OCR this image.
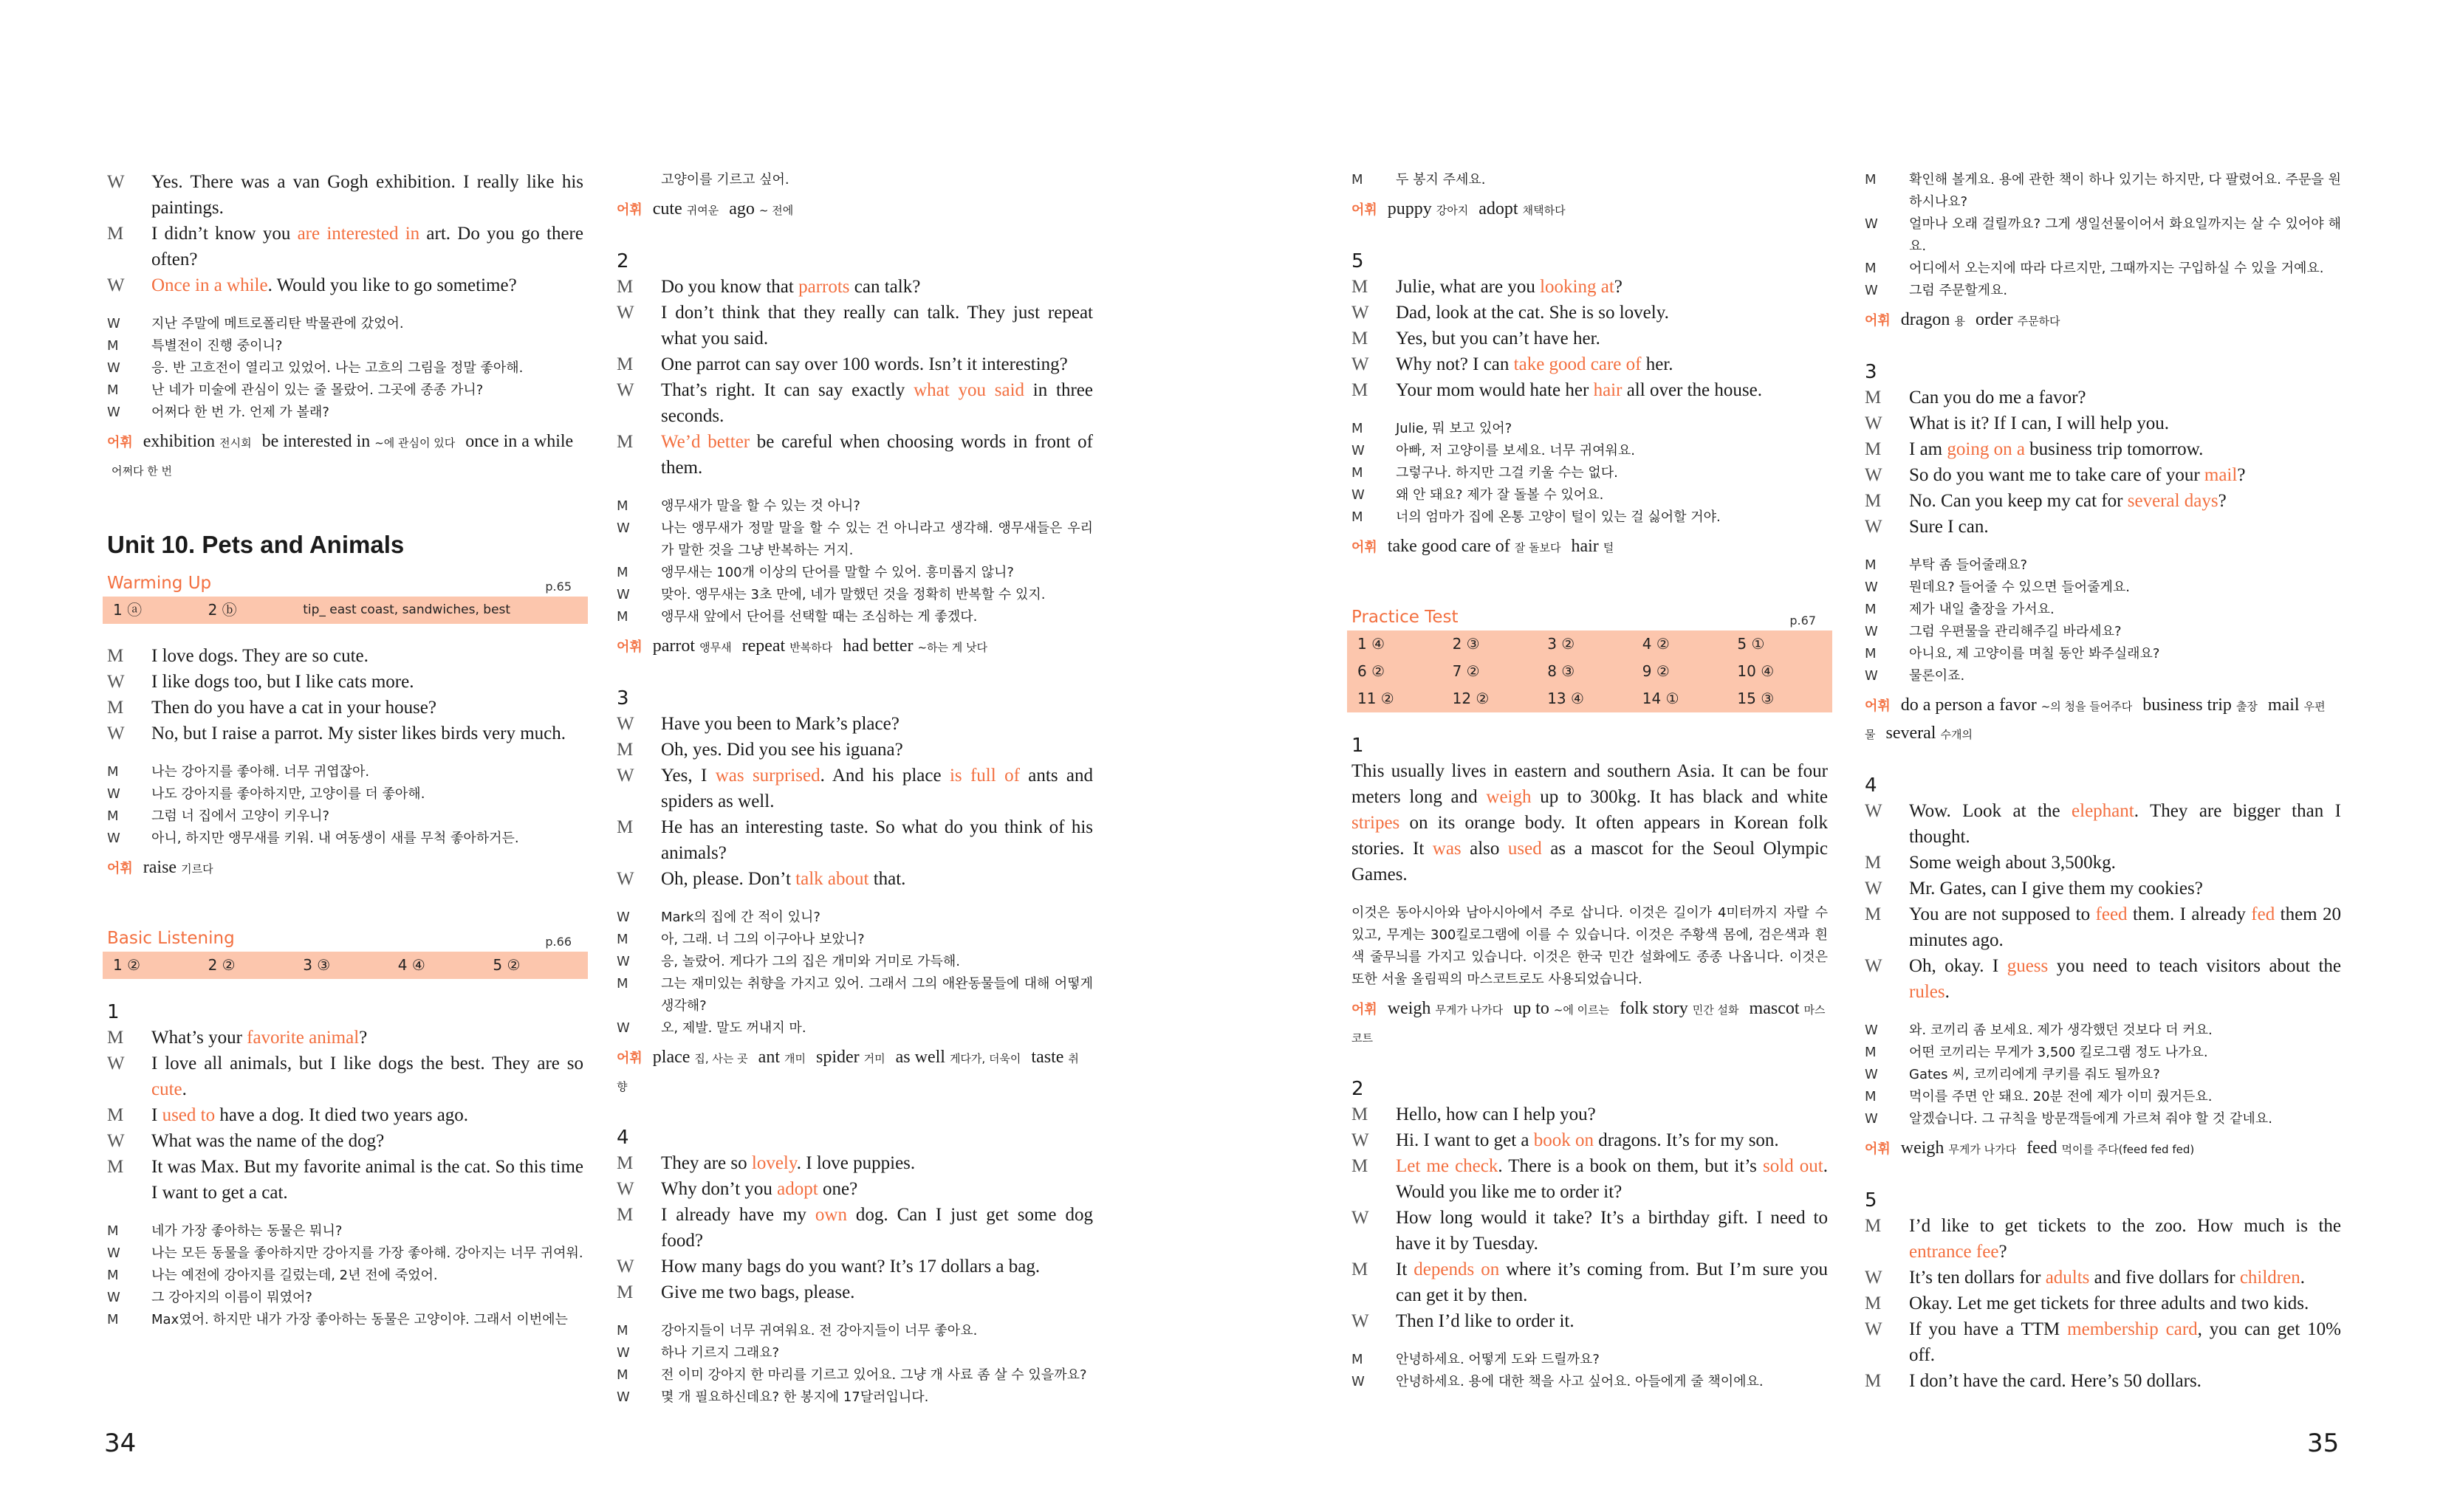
W	Yes. There was a van Gogh exhibition. I really like his paintings.
M	I didn’t know you are interested in art. Do you go there often?
W	Once in a while. Would you like to go sometime?
W	지난 주말에 메트로폴리탄 박물관에 갔었어.
M	특별전이 진행 중이니?
W	응. 반 고흐전이 열리고 있었어. 나는 고흐의 그림을 정말 좋아해.
M	난 네가 미술에 관심이 있는 줄 몰랐어. 그곳에 종종 가니?
W	어쩌다 한 번 가. 언제 가 볼래?
어휘 exhibition 전시회 be interested in ~에 관심이 있다 once in a while어쩌다 한 번
Unit 10. Pets and Animals
Warming Up	p.65
1 ⓐ	2 ⓑ	tip_ east coast, sandwiches, best
M	I love dogs. They are so cute.
W	I like dogs too, but I like cats more.
M	Then do you have a cat in your house?
W	No, but I raise a parrot. My sister likes birds very much.
M	나는 강아지를 좋아해. 너무 귀엽잖아.
W	나도 강아지를 좋아하지만, 고양이를 더 좋아해.
M	그럼 너 집에서 고양이 키우니?
W	아니, 하지만 앵무새를 키워. 내 여동생이 새를 무척 좋아하거든.
어휘 raise 기르다
Basic Listening	p.66
1 ②	2 ②	3 ③	4 ④	5 ②
1
M	What’s your favorite animal?
W	I love all animals, but I like dogs the best. They are so cute.
M	I used to have a dog. It died two years ago.
W	What was the name of the dog?
M	It was Max. But my favorite animal is the cat. So this time I want to get a cat.
M	네가 가장 좋아하는 동물은 뭐니?
W	나는 모든 동물을 좋아하지만 강아지를 가장 좋아해. 강아지는 너무 귀여워.
M	나는 예전에 강아지를 길렀는데, 2년 전에 죽었어.
W	그 강아지의 이름이 뭐였어?
M	Max였어. 하지만 내가 가장 좋아하는 동물은 고양이야. 그래서 이번에는
고양이를 기르고 싶어.
어휘 cute 귀여운 ago ~ 전에
2
M	Do you know that parrots can talk?
W	I don’t think that they really can talk. They just repeat what you said.
M	One parrot can say over 100 words. Isn’t it interesting?
W	That’s right. It can say exactly what you said in three seconds.
M	We’d better be careful when choosing words in front of them.
M	앵무새가 말을 할 수 있는 것 아니?
W	나는 앵무새가 정말 말을 할 수 있는 건 아니라고 생각해. 앵무새들은 우리가 말한 것을 그냥 반복하는 거지.
M	앵무새는 100개 이상의 단어를 말할 수 있어. 흥미롭지 않니?
W	맞아. 앵무새는 3초 만에, 네가 말했던 것을 정확히 반복할 수 있지.
M	앵무새 앞에서 단어를 선택할 때는 조심하는 게 좋겠다.
어휘 parrot 앵무새 repeat 반복하다 had better ~하는 게 낫다
3
W	Have you been to Mark’s place?
M	Oh, yes. Did you see his iguana?
W	Yes, I was surprised. And his place is full of ants and spiders as well.
M	He has an interesting taste. So what do you think of his animals?
W	Oh, please. Don’t talk about that.
W	Mark의 집에 간 적이 있니?
M	아, 그래. 너 그의 이구아나 보았니?
W	응, 놀랐어. 게다가 그의 집은 개미와 거미로 가득해.
M	그는 재미있는 취향을 가지고 있어. 그래서 그의 애완동물들에 대해 어떻게 생각해?
W	오, 제발. 말도 꺼내지 마.
어휘 place 집, 사는 곳 ant 개미 spider 거미 as well 게다가, 더욱이 taste 취향
4
M	They are so lovely. I love puppies.
W	Why don’t you adopt one?
M	I already have my own dog. Can I just get some dog food?
W	How many bags do you want? It’s 17 dollars a bag.
M	Give me two bags, please.
M	강아지들이 너무 귀여워요. 전 강아지들이 너무 좋아요.
W	하나 기르지 그래요?
M	전 이미 강아지 한 마리를 기르고 있어요. 그냥 개 사료 좀 살 수 있을까요?
W	몇 개 필요하신데요? 한 봉지에 17달러입니다.
M	두 봉지 주세요.
어휘 puppy 강아지 adopt 채택하다
5
M	Julie, what are you looking at?
W	Dad, look at the cat. She is so lovely.
M	Yes, but you can’t have her.
W	Why not? I can take good care of her.
M	Your mom would hate her hair all over the house.
M	Julie, 뭐 보고 있어?
W	아빠, 저 고양이를 보세요. 너무 귀여워요.
M	그렇구나. 하지만 그걸 키울 수는 없다.
W	왜 안 돼요? 제가 잘 돌볼 수 있어요.
M	너의 엄마가 집에 온통 고양이 털이 있는 걸 싫어할 거야.
어휘 take good care of 잘 돌보다 hair 털
Practice Test	p.67
1 ④	2 ③	3 ②	4 ②	5 ①
6 ②	7 ②	8 ③	9 ②	10 ④
11 ②	12 ②	13 ④	14 ①	15 ③
1
This usually lives in eastern and southern Asia. It can be four meters long and weigh up to 300kg. It has black and white stripes on its orange body. It often appears in Korean folk stories. It was also used as a mascot for the Seoul Olympic Games.
이것은 동아시아와 남아시아에서 주로 삽니다. 이것은 길이가 4미터까지 자랄 수 있고, 무게는 300킬로그램에 이를 수 있습니다. 이것은 주황색 몸에, 검은색과 흰색 줄무늬를 가지고 있습니다. 이것은 한국 민간 설화에도 종종 나옵니다. 이것은 또한 서울 올림픽의 마스코트로도 사용되었습니다.
어휘 weigh 무게가 나가다 up to ~에 이르는 folk story 민간 설화 mascot 마스코트
2
M	Hello, how can I help you?
W	Hi. I want to get a book on dragons. It’s for my son.
M	Let me check. There is a book on them, but it’s sold out. Would you like me to order it?
W	How long would it take? It’s a birthday gift. I need to have it by Tuesday.
M	It depends on where it’s coming from. But I’m sure you can get it by then.
W	Then I’d like to order it.
M	안녕하세요. 어떻게 도와 드릴까요?
W	안녕하세요. 용에 대한 책을 사고 싶어요. 아들에게 줄 책이에요.
M	확인해 볼게요. 용에 관한 책이 하나 있기는 하지만, 다 팔렸어요. 주문을 원하시나요?
W	얼마나 오래 걸릴까요? 그게 생일선물이어서 화요일까지는 살 수 있어야 해요.
M	어디에서 오는지에 따라 다르지만, 그때까지는 구입하실 수 있을 거예요.
W	그럼 주문할게요.
어휘 dragon 용 order 주문하다
3
M	Can you do me a favor?
W	What is it? If I can, I will help you.
M	I am going on a business trip tomorrow.
W	So do you want me to take care of your mail?
M	No. Can you keep my cat for several days?
W	Sure I can.
M	부탁 좀 들어줄래요?
W	뭔데요? 들어줄 수 있으면 들어줄게요.
M	제가 내일 출장을 가서요.
W	그럼 우편물을 관리해주길 바라세요?
M	아니요, 제 고양이를 며칠 동안 봐주실래요?
W	물론이죠.
어휘 do a person a favor ~의 청을 들어주다 business trip 출장 mail 우편물 several 수개의
4
W	Wow. Look at the elephant. They are bigger than I thought.
M	Some weigh about 3,500kg.
W	Mr. Gates, can I give them my cookies?
M	You are not supposed to feed them. I already fed them 20 minutes ago.
W	Oh, okay. I guess you need to teach visitors about the rules.
W	와. 코끼리 좀 보세요. 제가 생각했던 것보다 더 커요.
M	어떤 코끼리는 무게가 3,500 킬로그램 정도 나가요.
W	Gates 씨, 코끼리에게 쿠키를 줘도 될까요?
M	먹이를 주면 안 돼요. 20분 전에 제가 이미 줬거든요.
W	알겠습니다. 그 규칙을 방문객들에게 가르쳐 줘야 할 것 같네요.
어휘 weigh 무게가 나가다 feed 먹이를 주다(feed fed fed)
5
M	I’d like to get tickets to the zoo. How much is the entrance fee?
W	It’s ten dollars for adults and five dollars for children.
M	Okay. Let me get tickets for three adults and two kids.
W	If you have a TTM membership card, you can get 10% off.
M	I don’t have the card. Here’s 50 dollars.
34	35
